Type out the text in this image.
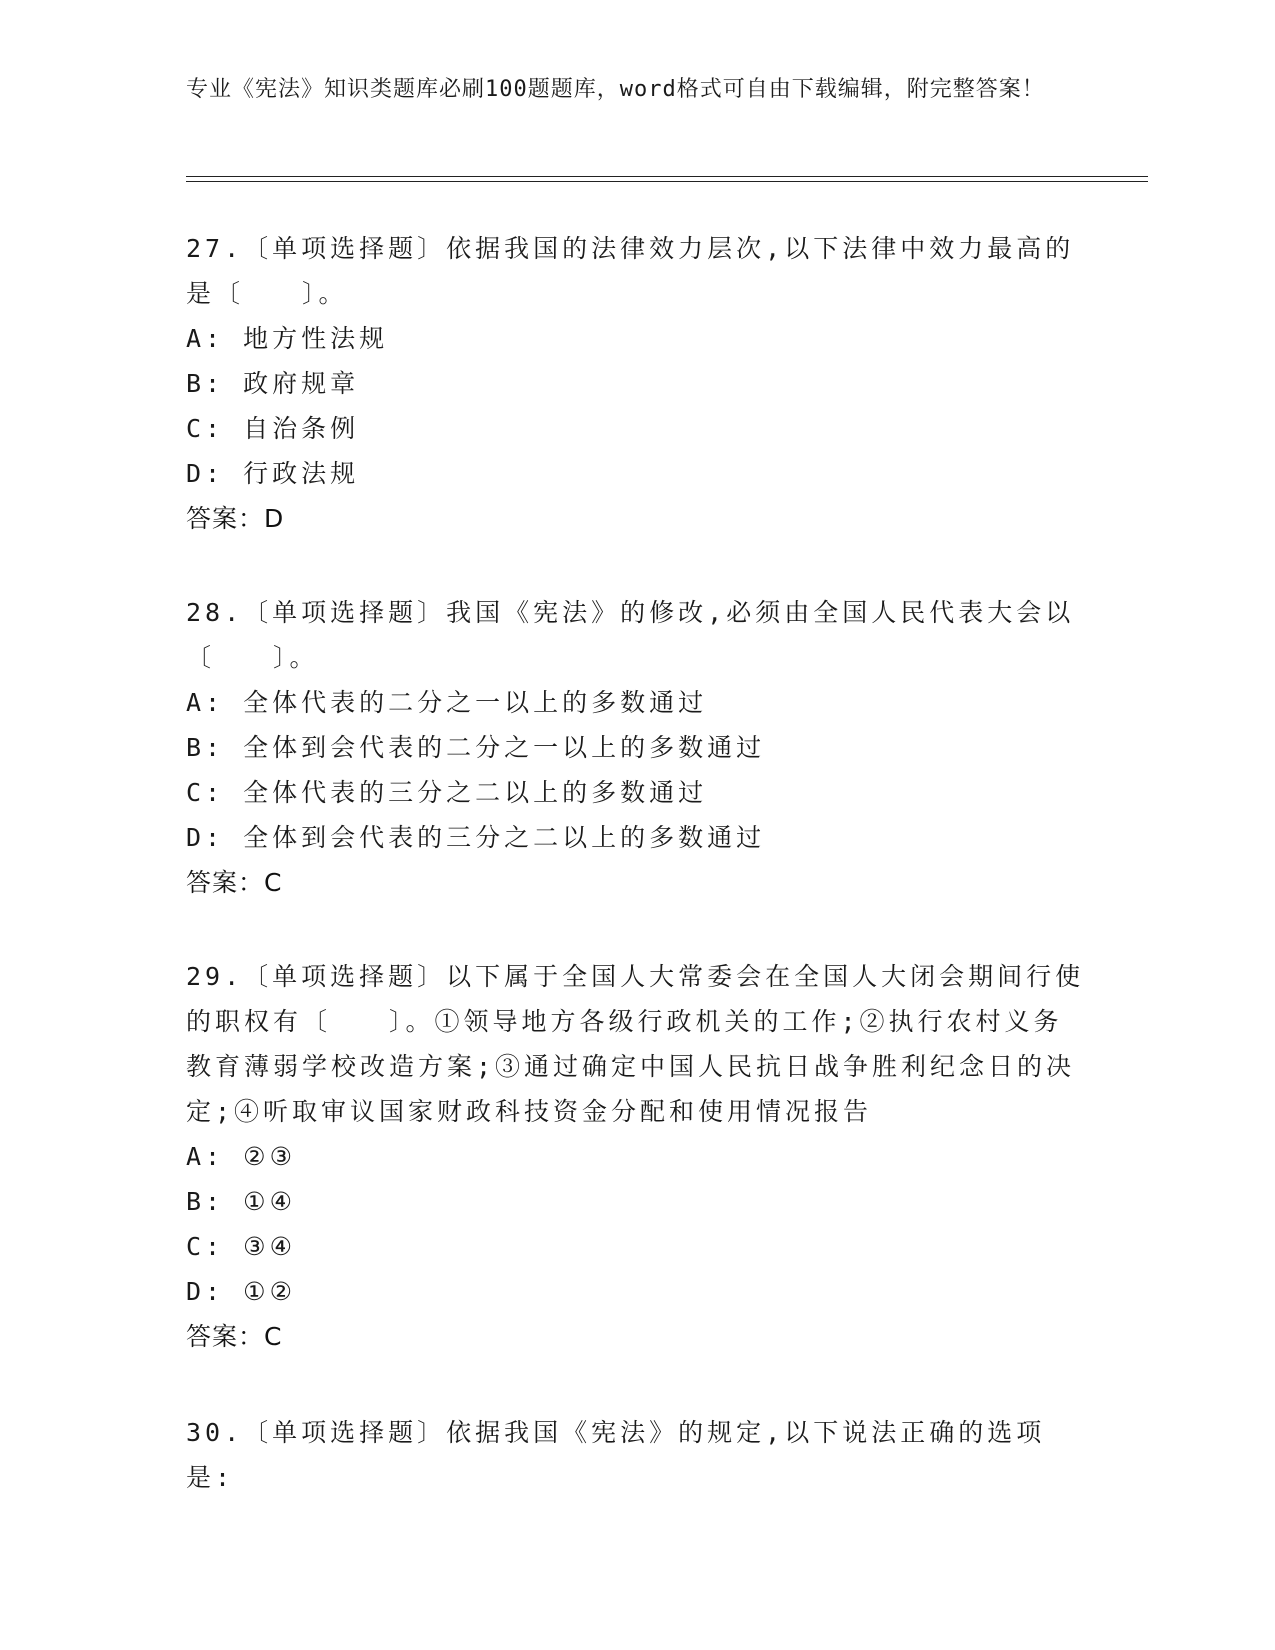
专业《宪法》知识类题库必刷100题题库，word格式可自由下载编辑，附完整答案！

27.〔单项选择题〕依据我国的法律效力层次,以下法律中效力最高的是〔　　〕。

A: 地方性法规

B: 政府规章

C: 自治条例

D: 行政法规

答案：D

28.〔单项选择题〕我国《宪法》的修改,必须由全国人民代表大会以〔　　〕。

A: 全体代表的二分之一以上的多数通过

B: 全体到会代表的二分之一以上的多数通过

C: 全体代表的三分之二以上的多数通过

D: 全体到会代表的三分之二以上的多数通过

答案：C

29.〔单项选择题〕以下属于全国人大常委会在全国人大闭会期间行使的职权有〔　　〕。①领导地方各级行政机关的工作;②执行农村义务教育薄弱学校改造方案;③通过确定中国人民抗日战争胜利纪念日的决定;④听取审议国家财政科技资金分配和使用情况报告

A: ②③

B: ①④

C: ③④

D: ①②

答案：C

30.〔单项选择题〕依据我国《宪法》的规定,以下说法正确的选项是:
